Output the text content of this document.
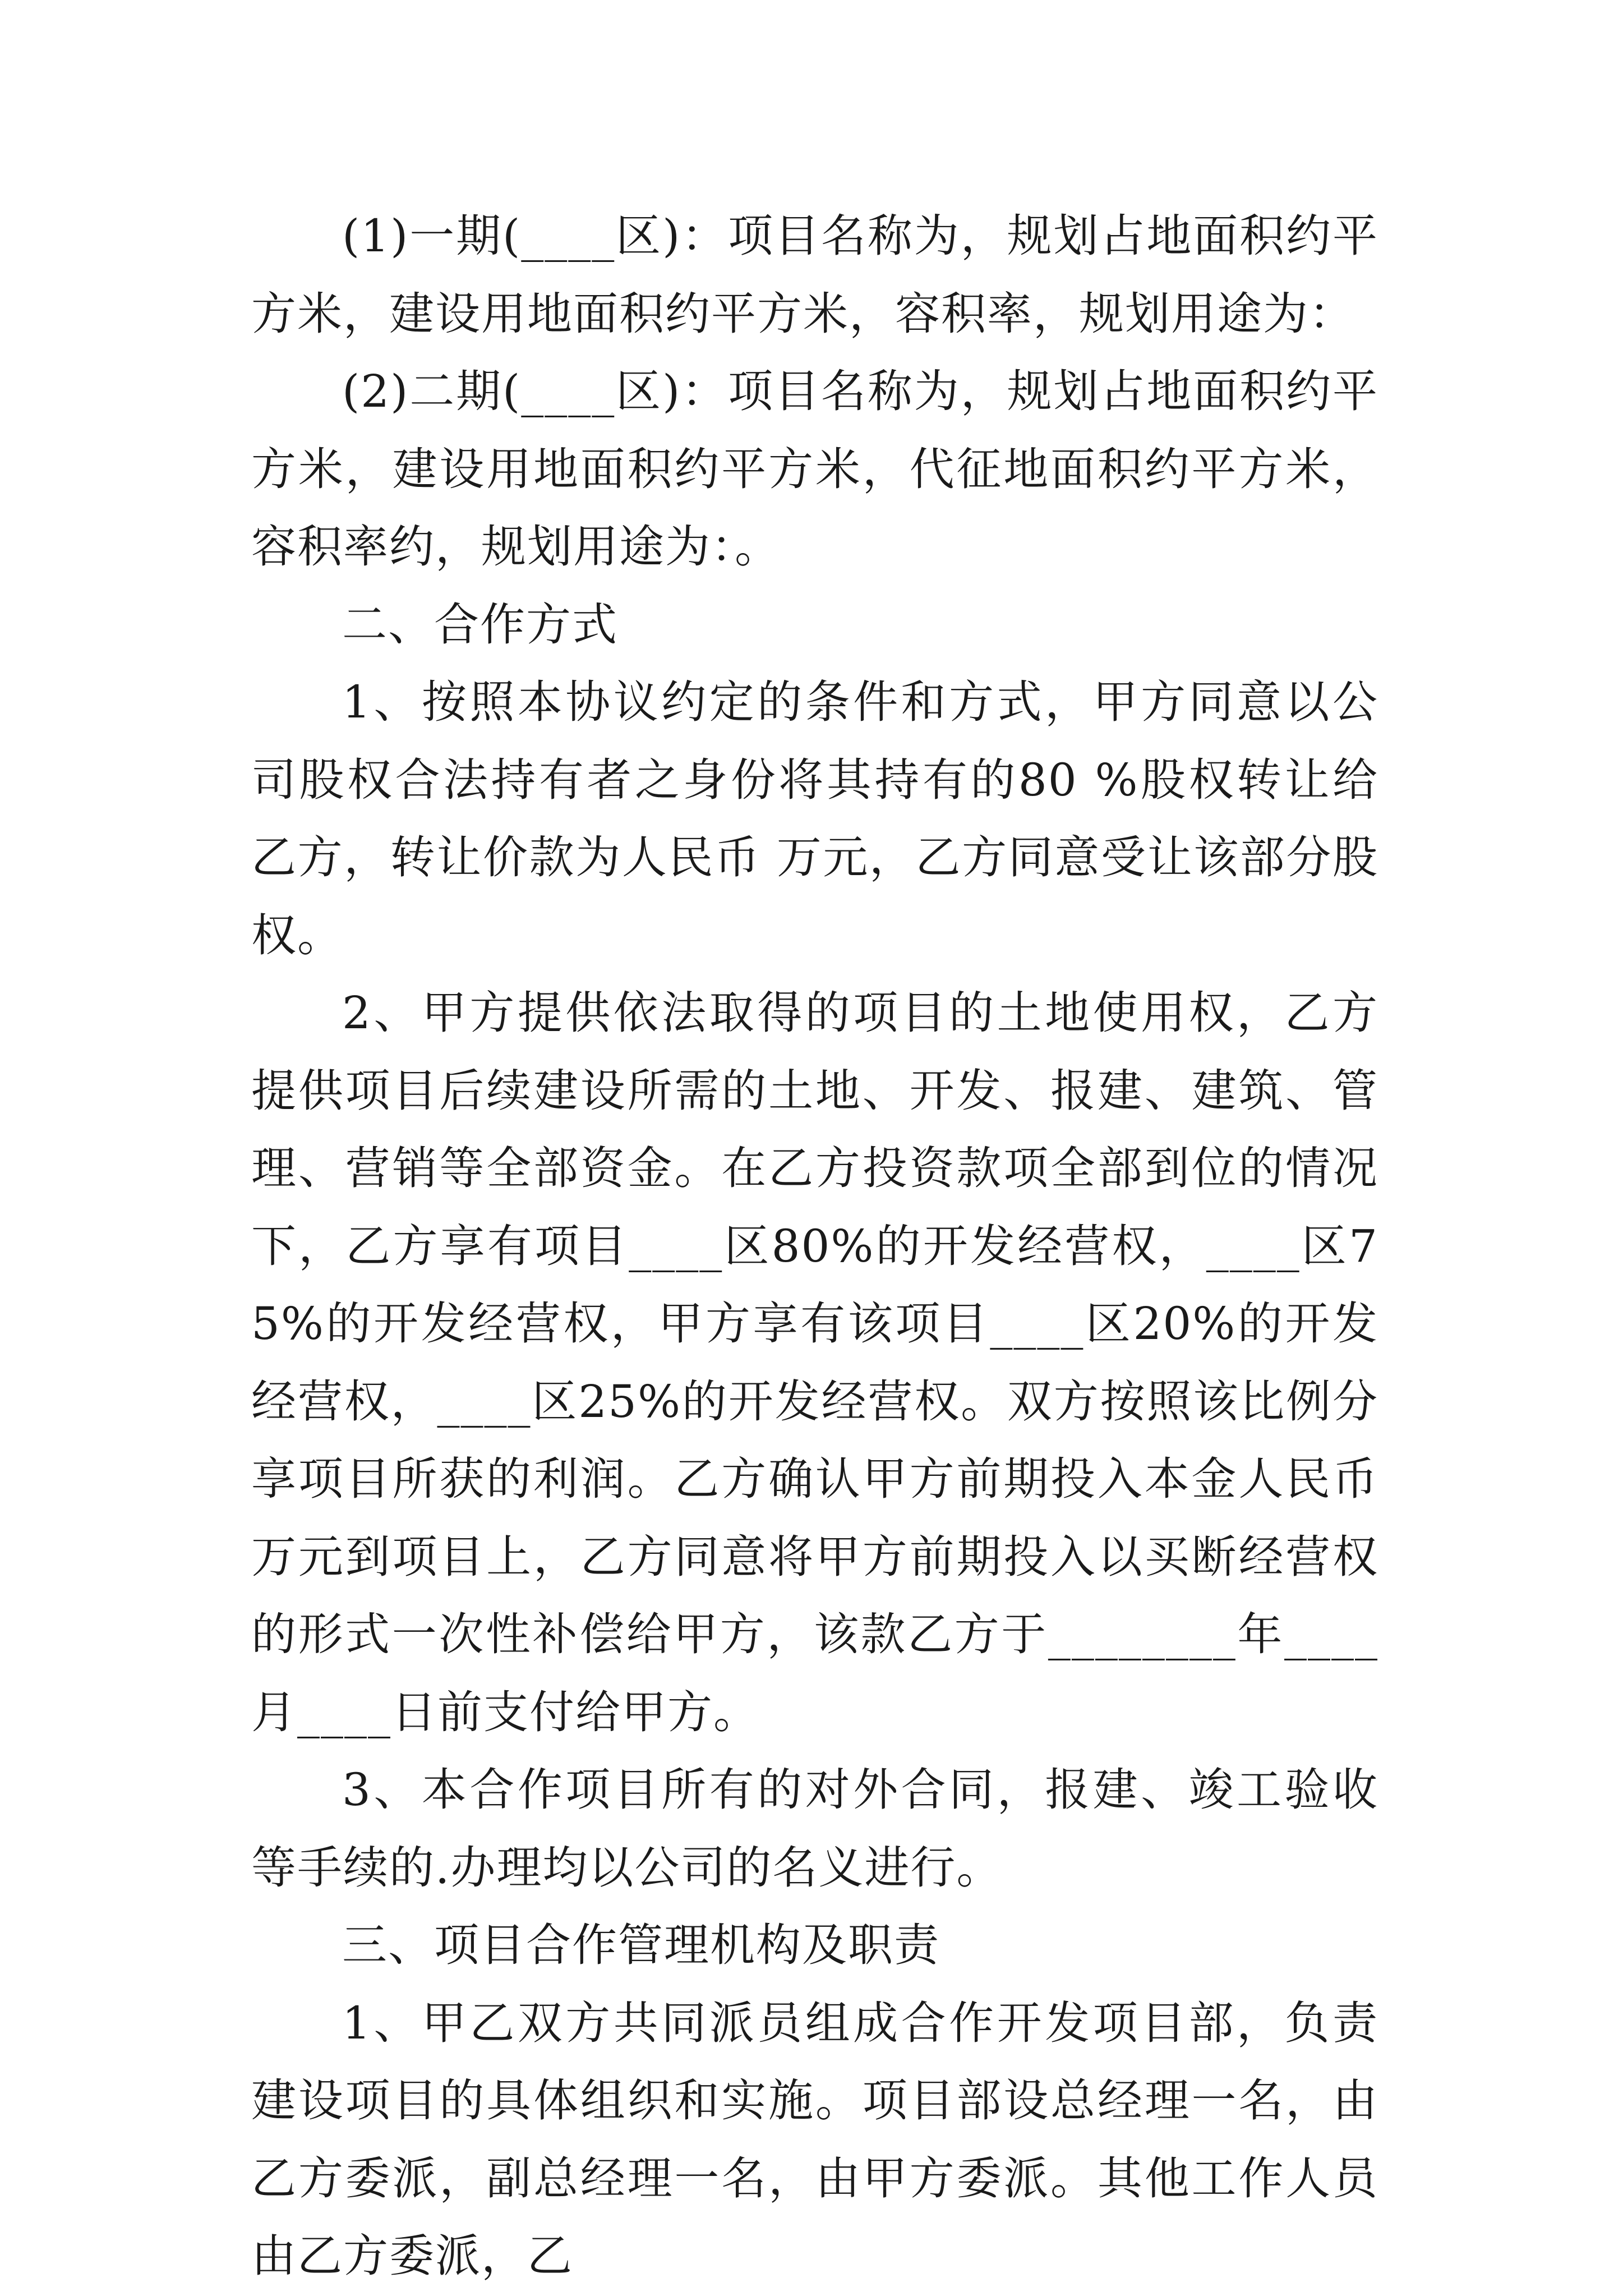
(1)一期(____区)：项目名称为，规划占地面积约平方米，建设用地面积约平方米，容积率，规划用途为：

(2)二期(____区)：项目名称为，规划占地面积约平方米，建设用地面积约平方米，代征地面积约平方米，容积率约，规划用途为：。

二、合作方式

1、按照本协议约定的条件和方式，甲方同意以公司股权合法持有者之身份将其持有的80 %股权转让给乙方，转让价款为人民币 万元，乙方同意受让该部分股权。

2、甲方提供依法取得的项目的土地使用权，乙方提供项目后续建设所需的土地、开发、报建、建筑、管理、营销等全部资金。在乙方投资款项全部到位的情况下，乙方享有项目____区80%的开发经营权，____区75%的开发经营权，甲方享有该项目____区20%的开发经营权，____区25%的开发经营权。双方按照该比例分享项目所获的利润。乙方确认甲方前期投入本金人民币 万元到项目上，乙方同意将甲方前期投入以买断经营权的形式一次性补偿给甲方，该款乙方于________年____月____日前支付给甲方。

3、本合作项目所有的对外合同，报建、竣工验收等手续的.办理均以公司的名义进行。

三、项目合作管理机构及职责

1、甲乙双方共同派员组成合作开发项目部，负责建设项目的具体组织和实施。项目部设总经理一名，由乙方委派，副总经理一名，由甲方委派。其他工作人员由乙方委派，乙
